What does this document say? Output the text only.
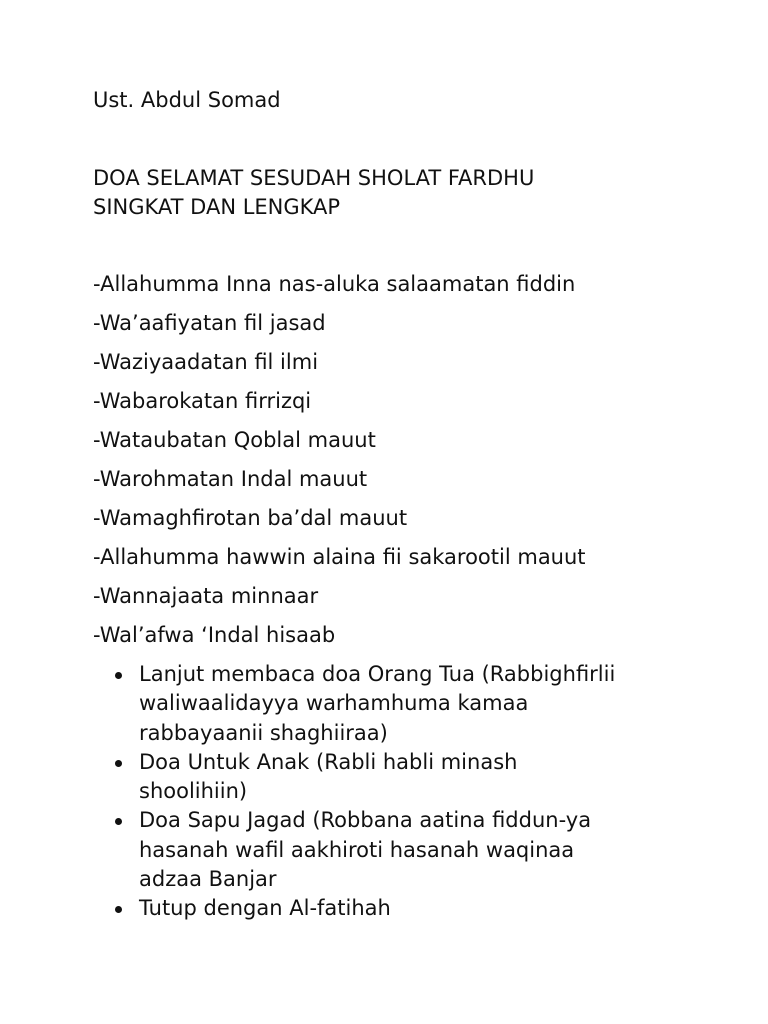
Ust. Abdul Somad
DOA SELAMAT SESUDAH SHOLAT FARDHU
SINGKAT DAN LENGKAP
-Allahumma Inna nas-aluka salaamatan fiddin
-Wa’aafiyatan fil jasad
-Waziyaadatan fil ilmi
-Wabarokatan firrizqi
-Wataubatan Qoblal mauut
-Warohmatan Indal mauut
-Wamaghfirotan ba’dal mauut
-Allahumma hawwin alaina fii sakarootil mauut
-Wannajaata minnaar
-Wal’afwa ‘Indal hisaab
Lanjut membaca doa Orang Tua (Rabbighfirlii
waliwaalidayya warhamhuma kamaa
rabbayaanii shaghiiraa)
Doa Untuk Anak (Rabli habli minash
shoolihiin)
Doa Sapu Jagad (Robbana aatina fiddun-ya
hasanah wafil aakhiroti hasanah waqinaa
adzaa Banjar
Tutup dengan Al-fatihah
